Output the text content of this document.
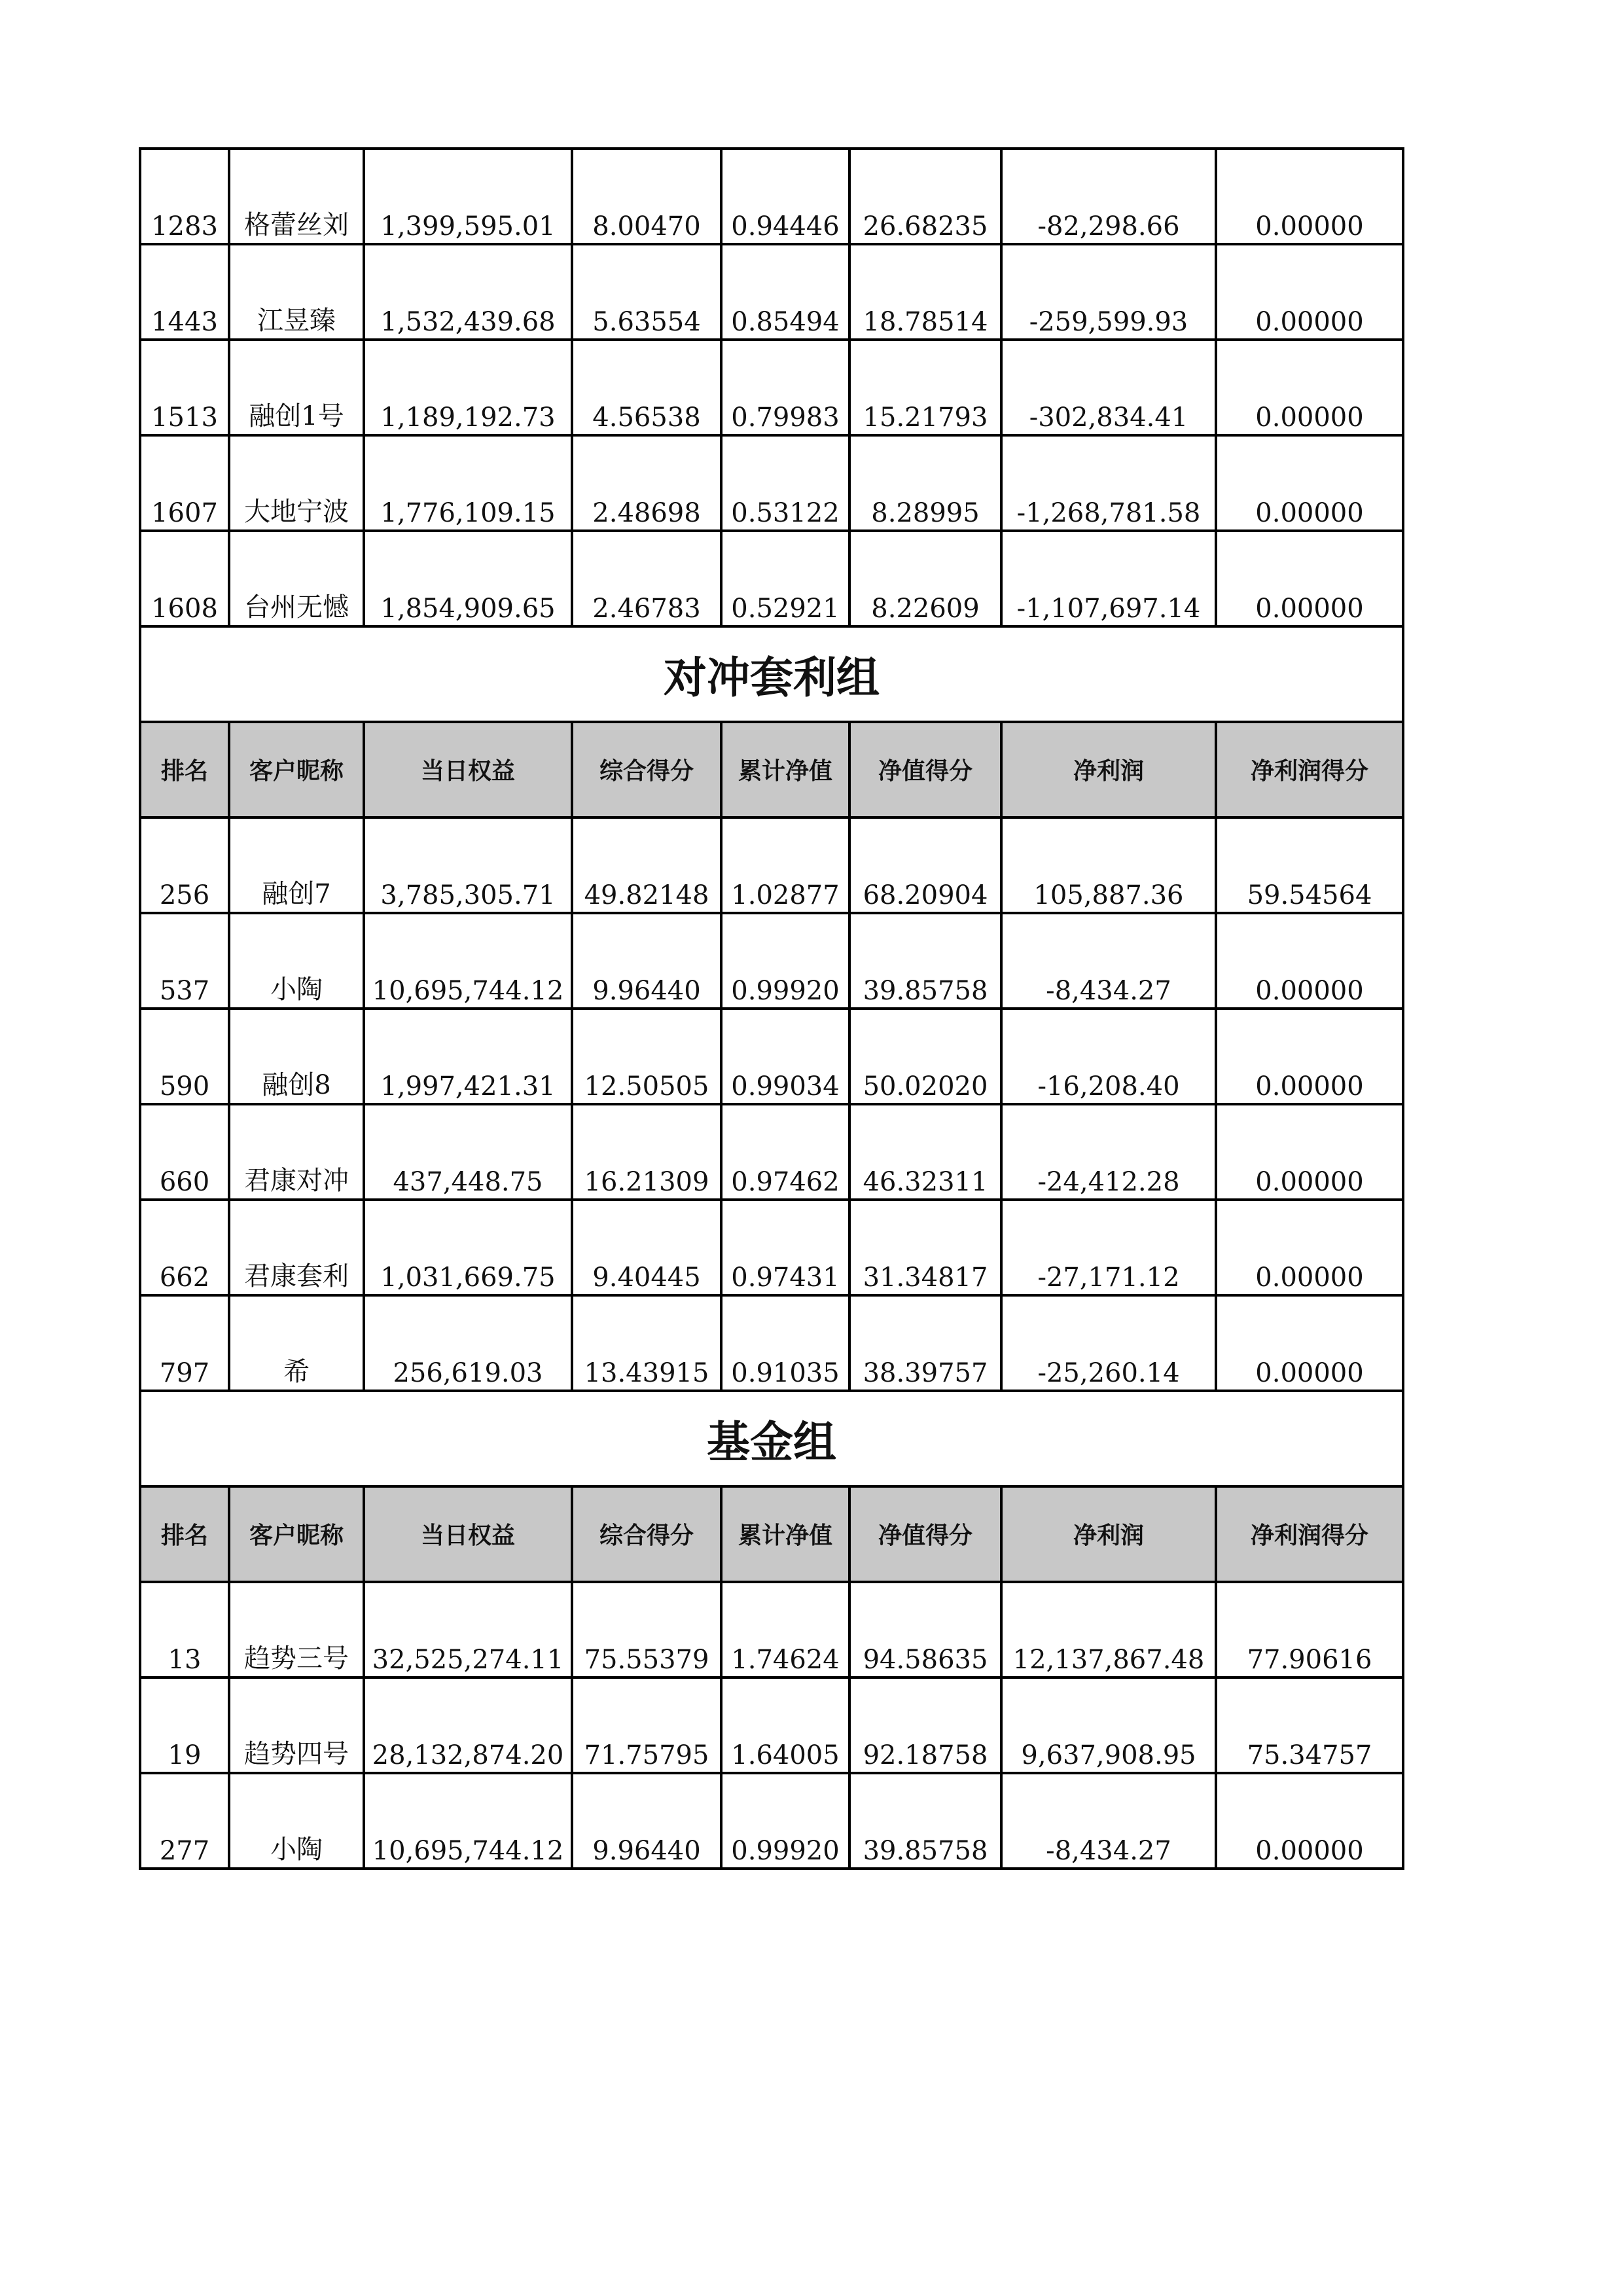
1283	格蕾丝刘	1,399,595.01	8.00470	0.94446	26.68235	-82,298.66	0.00000
1443	江昱臻	1,532,439.68	5.63554	0.85494	18.78514	-259,599.93	0.00000
1513	融创1号	1,189,192.73	4.56538	0.79983	15.21793	-302,834.41	0.00000
1607	大地宁波	1,776,109.15	2.48698	0.53122	8.28995	-1,268,781.58	0.00000
1608	台州无憾	1,854,909.65	2.46783	0.52921	8.22609	-1,107,697.14	0.00000
对冲套利组							
排名	客户昵称	当日权益	综合得分	累计净值	净值得分	净利润	净利润得分
256	融创7	3,785,305.71	49.82148	1.02877	68.20904	105,887.36	59.54564
537	小陶	10,695,744.12	9.96440	0.99920	39.85758	-8,434.27	0.00000
590	融创8	1,997,421.31	12.50505	0.99034	50.02020	-16,208.40	0.00000
660	君康对冲	437,448.75	16.21309	0.97462	46.32311	-24,412.28	0.00000
662	君康套利	1,031,669.75	9.40445	0.97431	31.34817	-27,171.12	0.00000
797	希	256,619.03	13.43915	0.91035	38.39757	-25,260.14	0.00000
基金组							
排名	客户昵称	当日权益	综合得分	累计净值	净值得分	净利润	净利润得分
13	趋势三号	32,525,274.11	75.55379	1.74624	94.58635	12,137,867.48	77.90616
19	趋势四号	28,132,874.20	71.75795	1.64005	92.18758	9,637,908.95	75.34757
277	小陶	10,695,744.12	9.96440	0.99920	39.85758	-8,434.27	0.00000
